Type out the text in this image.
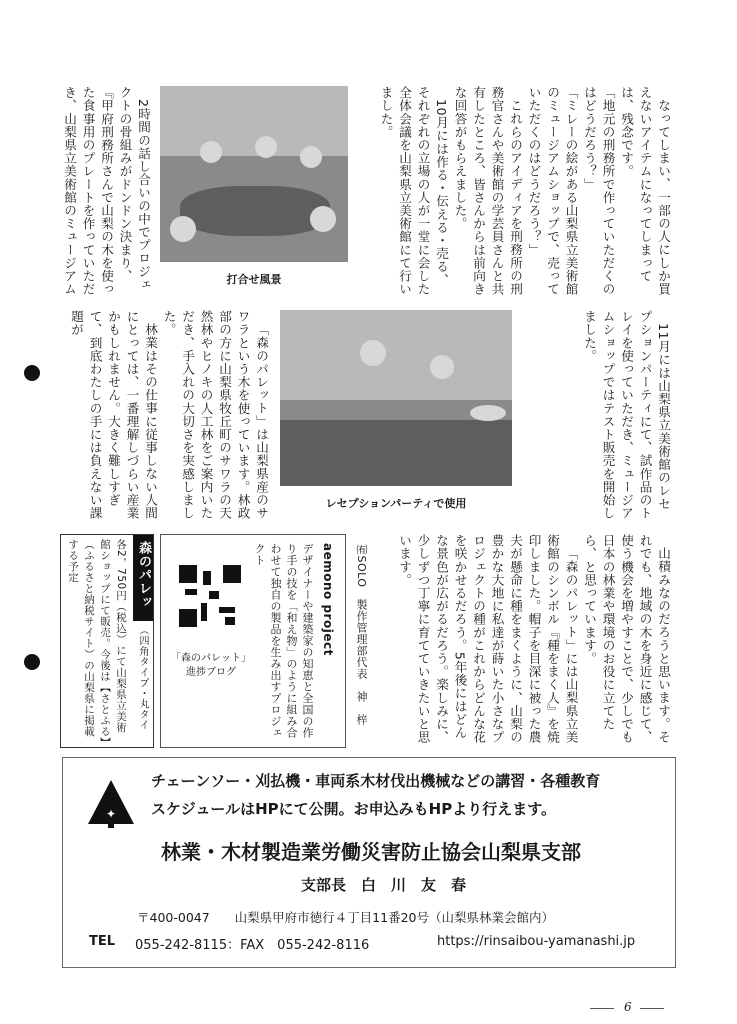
なってしまい、一部の人にしか買えないアイテムになってしまっては、残念です。

「地元の刑務所で作っていただくのはどうだろう？」

「ミレーの絵がある山梨県立美術館のミュージアムショップで、売っていただくのはどうだろう？」

これらのアイディアを刑務所の刑務官さんや美術館の学芸員さんと共有したところ、皆さんからは前向きな回答がもらえました。

10月には作る・伝える・売る、それぞれの立場の人が一堂に会した全体会議を山梨県立美術館にて行いました。

打合せ風景

2時間の話し合いの中でプロジェクトの骨組みがドンドン決まり、『甲府刑務所さんで山梨の木を使った食事用のプレートを作っていただき、山梨県立美術館のミュージアム

11月には山梨県立美術館のレセプションパーティにて、試作品のトレイを使っていただき、ミュージアムショップではテスト販売を開始しました。

レセプションパーティで使用

「森のパレット」は山梨県産のサワラという木を使っています。林政部の方に山梨県牧丘町のサワラの天然林やヒノキの人工林をご案内いただき、手入れの大切さを実感しました。

林業はその仕事に従事しない人間にとっては、一番理解しづらい産業かもしれません。大きく難しすぎて、到底わたしの手には負えない課題が

山積みなのだろうと思います。それでも、地域の木を身近に感じて、使う機会を増やすことで、少しでも日本の林業や環境のお役に立てたら、と思っています。

「森のパレット」には山梨県立美術館のシンボル『種をまく人』を焼印しました。帽子を目深に被った農夫が懸命に種をまくように、山梨の豊かな大地に私達が蒔いた小さなプロジェクトの種がこれからどんな花を咲かせるだろう。5年後にはどんな景色が広がるだろう。楽しみに、少しずつ丁寧に育てていきたいと思います。

㈲SOLO　製作管理部代表　神　梓
aemono project
デザイナーや建築家の知恵と全国の作り手の技を「和え物」のように組み合わせて独自の製品を生み出すプロジェクト
「森のパレット」
進捗ブログ
森のパレッ
（四角タイプ・丸タイ
各2，750円（税込）にて山梨県立美術館ショップにて販売。今後は【さとふる】（ふるさと納税サイト）の山梨県に掲載する予定
✦
チェーンソー・刈払機・車両系木材伐出機械などの講習・各種教育
スケジュールはHPにて公開。お申込みもHPより行えます。
林業・木材製造業労働災害防止協会山梨県支部
支部長　白　川　友　春
〒400-0047　　山梨県甲府市徳行４丁目11番20号（山梨県林業会館内）
TEL 055-242-8115：FAX　055-242-8116	https://rinsaibou-yamanashi.jp
6
